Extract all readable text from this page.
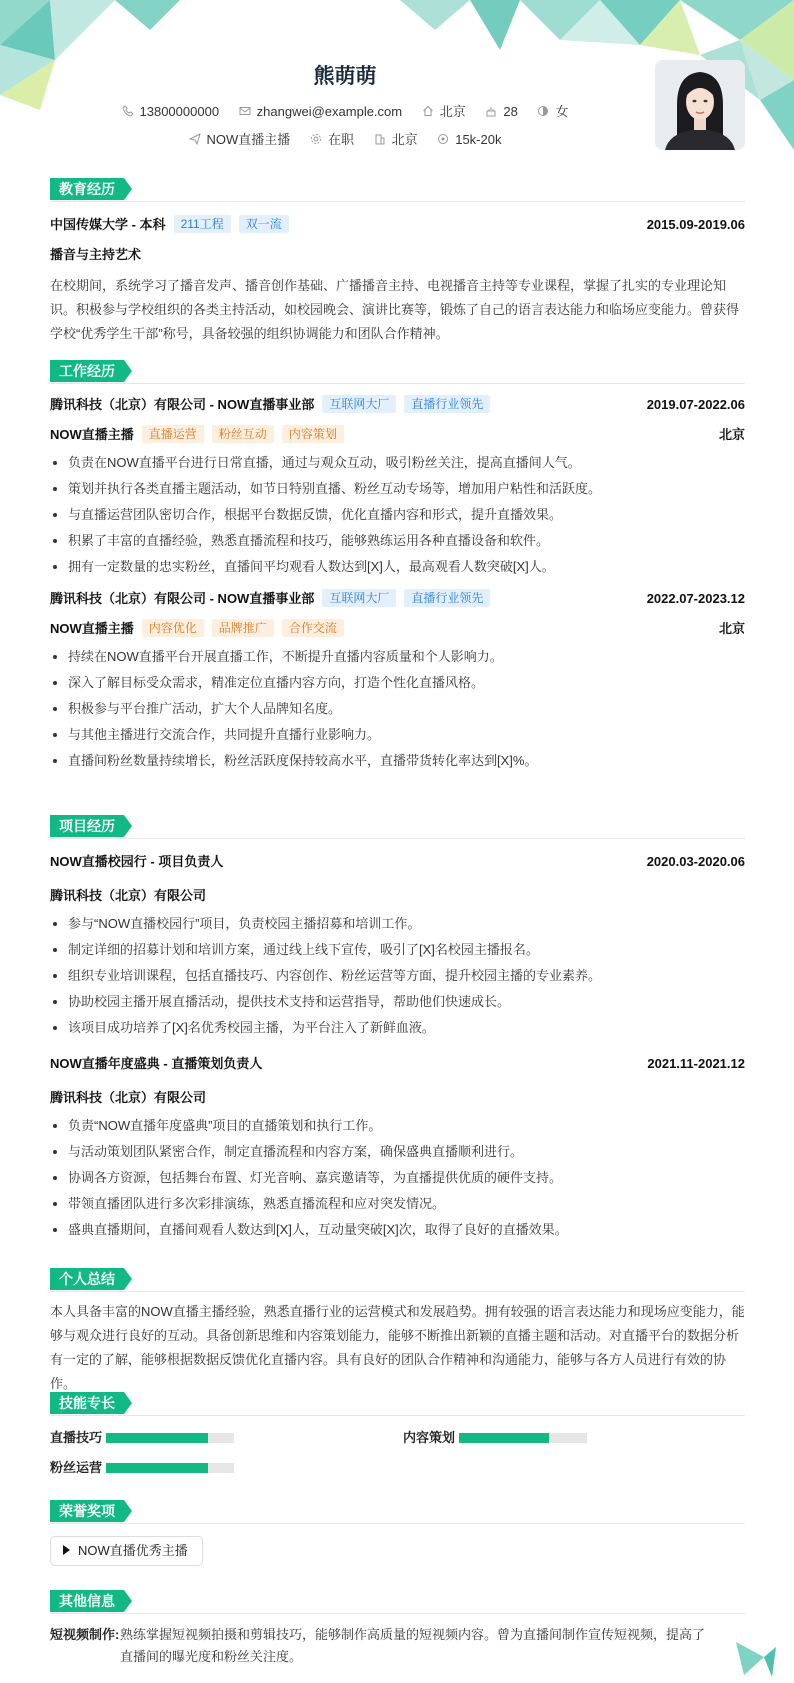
熊萌萌
13800000000	zhangwei@example.com	北京	28	女
NOW直播主播	在职	北京	15k-20k
教育经历
中国传媒大学 - 本科 211工程 双一流	2015.09-2019.06
播音与主持艺术
在校期间，系统学习了播音发声、播音创作基础、广播播音主持、电视播音主持等专业课程，掌握了扎实的专业理论知识。积极参与学校组织的各类主持活动，如校园晚会、演讲比赛等，锻炼了自己的语言表达能力和临场应变能力。曾获得学校“优秀学生干部”称号，具备较强的组织协调能力和团队合作精神。
工作经历
腾讯科技（北京）有限公司 - NOW直播事业部 互联网大厂 直播行业领先	2019.07-2022.06
NOW直播主播 直播运营 粉丝互动 内容策划	北京
负责在NOW直播平台进行日常直播，通过与观众互动，吸引粉丝关注，提高直播间人气。
策划并执行各类直播主题活动，如节日特别直播、粉丝互动专场等，增加用户粘性和活跃度。
与直播运营团队密切合作，根据平台数据反馈，优化直播内容和形式，提升直播效果。
积累了丰富的直播经验，熟悉直播流程和技巧，能够熟练运用各种直播设备和软件。
拥有一定数量的忠实粉丝，直播间平均观看人数达到[X]人，最高观看人数突破[X]人。
腾讯科技（北京）有限公司 - NOW直播事业部 互联网大厂 直播行业领先	2022.07-2023.12
NOW直播主播 内容优化 品牌推广 合作交流	北京
持续在NOW直播平台开展直播工作，不断提升直播内容质量和个人影响力。
深入了解目标受众需求，精准定位直播内容方向，打造个性化直播风格。
积极参与平台推广活动，扩大个人品牌知名度。
与其他主播进行交流合作，共同提升直播行业影响力。
直播间粉丝数量持续增长，粉丝活跃度保持较高水平，直播带货转化率达到[X]%。
项目经历
NOW直播校园行 - 项目负责人	2020.03-2020.06
腾讯科技（北京）有限公司
参与“NOW直播校园行”项目，负责校园主播招募和培训工作。
制定详细的招募计划和培训方案，通过线上线下宣传，吸引了[X]名校园主播报名。
组织专业培训课程，包括直播技巧、内容创作、粉丝运营等方面，提升校园主播的专业素养。
协助校园主播开展直播活动，提供技术支持和运营指导，帮助他们快速成长。
该项目成功培养了[X]名优秀校园主播，为平台注入了新鲜血液。
NOW直播年度盛典 - 直播策划负责人	2021.11-2021.12
腾讯科技（北京）有限公司
负责“NOW直播年度盛典”项目的直播策划和执行工作。
与活动策划团队紧密合作，制定直播流程和内容方案，确保盛典直播顺利进行。
协调各方资源，包括舞台布置、灯光音响、嘉宾邀请等，为直播提供优质的硬件支持。
带领直播团队进行多次彩排演练，熟悉直播流程和应对突发情况。
盛典直播期间，直播间观看人数达到[X]人，互动量突破[X]次，取得了良好的直播效果。
个人总结
本人具备丰富的NOW直播主播经验，熟悉直播行业的运营模式和发展趋势。拥有较强的语言表达能力和现场应变能力，能够与观众进行良好的互动。具备创新思维和内容策划能力，能够不断推出新颖的直播主题和活动。对直播平台的数据分析有一定的了解，能够根据数据反馈优化直播内容。具有良好的团队合作精神和沟通能力，能够与各方人员进行有效的协作。
技能专长
直播技巧	内容策划
粉丝运营
荣誉奖项
NOW直播优秀主播
其他信息
短视频制作: 熟练掌握短视频拍摄和剪辑技巧，能够制作高质量的短视频内容。曾为直播间制作宣传短视频，提高了直播间的曝光度和粉丝关注度。
